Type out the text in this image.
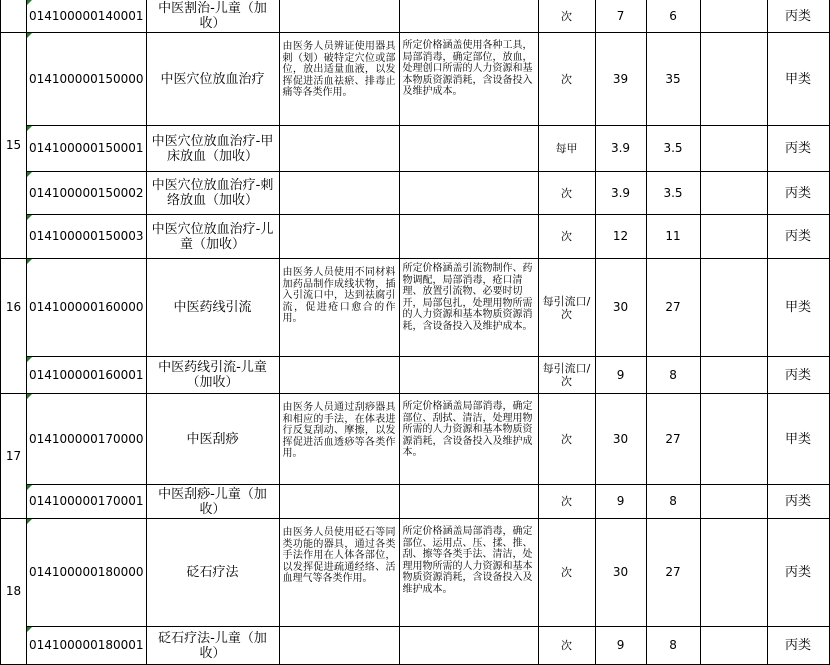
	014100000140001	中医割治-儿童（加收）			次	7	6		丙类
15	014100000150000	中医穴位放血治疗	由医务人员辨证使用器具刺（划）破特定穴位或部位，放出适量血液，以发挥促进活血祛瘀、排毒止痛等各类作用。	所定价格涵盖使用各种工具，局部消毒，确定部位，放血，处理创口所需的人力资源和基本物质资源消耗，含设备投入及维护成本。	次	39	35		甲类
	014100000150001	中医穴位放血治疗-甲床放血（加收）			每甲	3.9	3.5		丙类
	014100000150002	中医穴位放血治疗-刺络放血（加收）			次	3.9	3.5		丙类
	014100000150003	中医穴位放血治疗-儿童（加收）			次	12	11		丙类
16	014100000160000	中医药线引流	由医务人员使用不同材料加药品制作成线状物，插入引流口中，达到祛腐引流，促进疮口愈合的作用。	所定价格涵盖引流物制作、药物调配，局部消毒，疮口清理、放置引流物、必要时切开，局部包扎，处理用物所需的人力资源和基本物质资源消耗，含设备投入及维护成本。	每引流口/次	30	27		甲类
	014100000160001	中医药线引流-儿童（加收）			每引流口/次	9	8		丙类
17	014100000170000	中医刮痧	由医务人员通过刮痧器具和相应的手法，在体表进行反复刮动、摩擦，以发挥促进活血透痧等各类作用。	所定价格涵盖局部消毒，确定部位、刮拭、清洁，处理用物所需的人力资源和基本物质资源消耗，含设备投入及维护成本。	次	30	27		甲类
	014100000170001	中医刮痧-儿童（加收）			次	9	8		丙类
18	014100000180000	砭石疗法	由医务人员使用砭石等同类功能的器具，通过各类手法作用在人体各部位，以发挥促进疏通经络、活血理气等各类作用。	所定价格涵盖局部消毒，确定部位、运用点、压、揉、推、刮、擦等各类手法、清洁，处理用物所需的人力资源和基本物质资源消耗，含设备投入及维护成本。	次	30	27		丙类
	014100000180001	砭石疗法-儿童（加收）			次	9	8		丙类
